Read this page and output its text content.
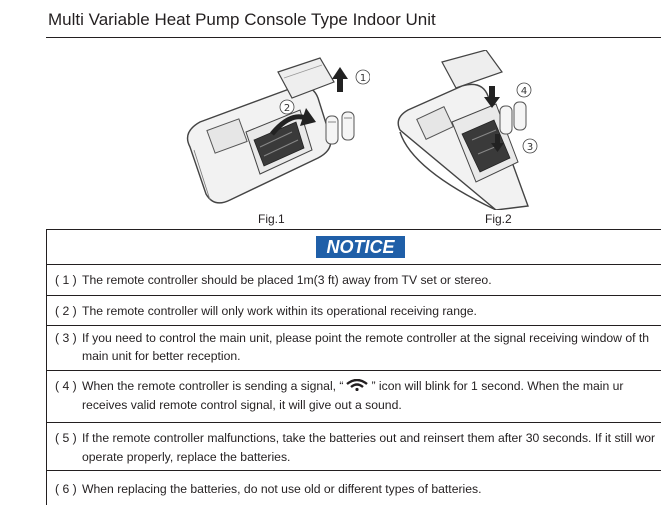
Multi Variable Heat Pump Console Type Indoor Unit
1
2
Fig.1
4
3
Fig.2
NOTICE
( 1 ) The remote controller should be placed 1m(3 ft) away from TV set or stereo.
( 2 ) The remote controller will only work within its operational receiving range.
( 3 ) If you need to control the main unit, please point the remote controller at the signal receiving window of th
main unit for better reception.
( 4 ) When the remote controller is sending a signal, “ ” icon will blink for 1 second. When the main ur
receives valid remote control signal, it will give out a sound.
( 5 ) If the remote controller malfunctions, take the batteries out and reinsert them after 30 seconds. If it still wor
operate properly, replace the batteries.
( 6 ) When replacing the batteries, do not use old or different types of batteries.
